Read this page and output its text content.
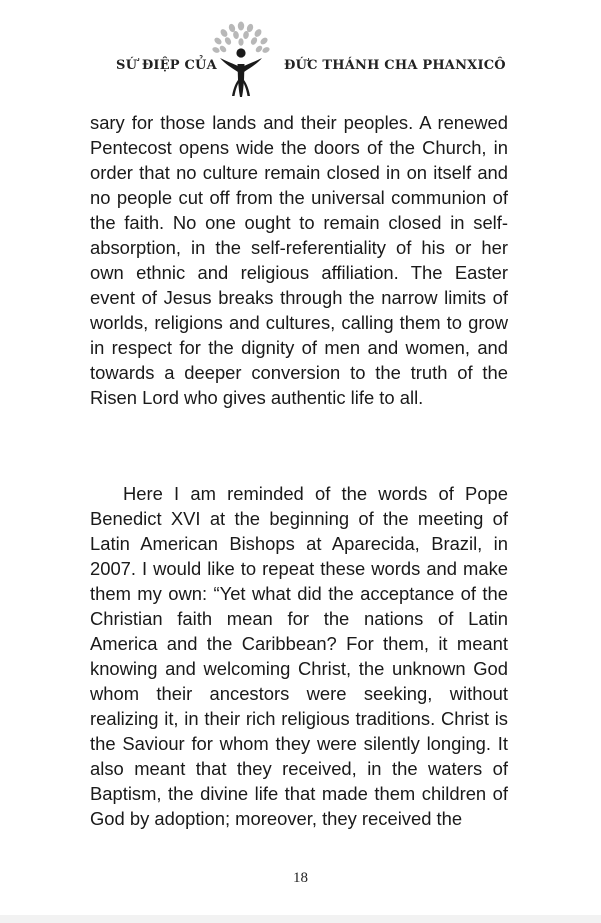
SỨ ĐIỆP CỦA	ĐỨC THÁNH CHA PHANXICÔ

sary for those lands and their peoples. A renewed Pentecost opens wide the doors of the Church, in order that no culture remain closed in on itself and no people cut off from the universal communion of the faith. No one ought to remain closed in self-absorption, in the self-referentiality of his or her own ethnic and religious affiliation. The Easter event of Jesus breaks through the narrow limits of worlds, religions and cultures, calling them to grow in respect for the dignity of men and women, and towards a deeper conversion to the truth of the Risen Lord who gives authentic life to all.

Here I am reminded of the words of Pope Benedict XVI at the beginning of the meeting of Latin American Bishops at Aparecida, Brazil, in 2007. I would like to repeat these words and make them my own: “Yet what did the acceptance of the Christian faith mean for the nations of Latin America and the Caribbean? For them, it meant knowing and welcoming Christ, the unknown God whom their ancestors were seeking, without realizing it, in their rich religious traditions. Christ is the Saviour for whom they were silently longing. It also meant that they received, in the waters of Baptism, the divine life that made them children of God by adoption; moreover, they received the

18
